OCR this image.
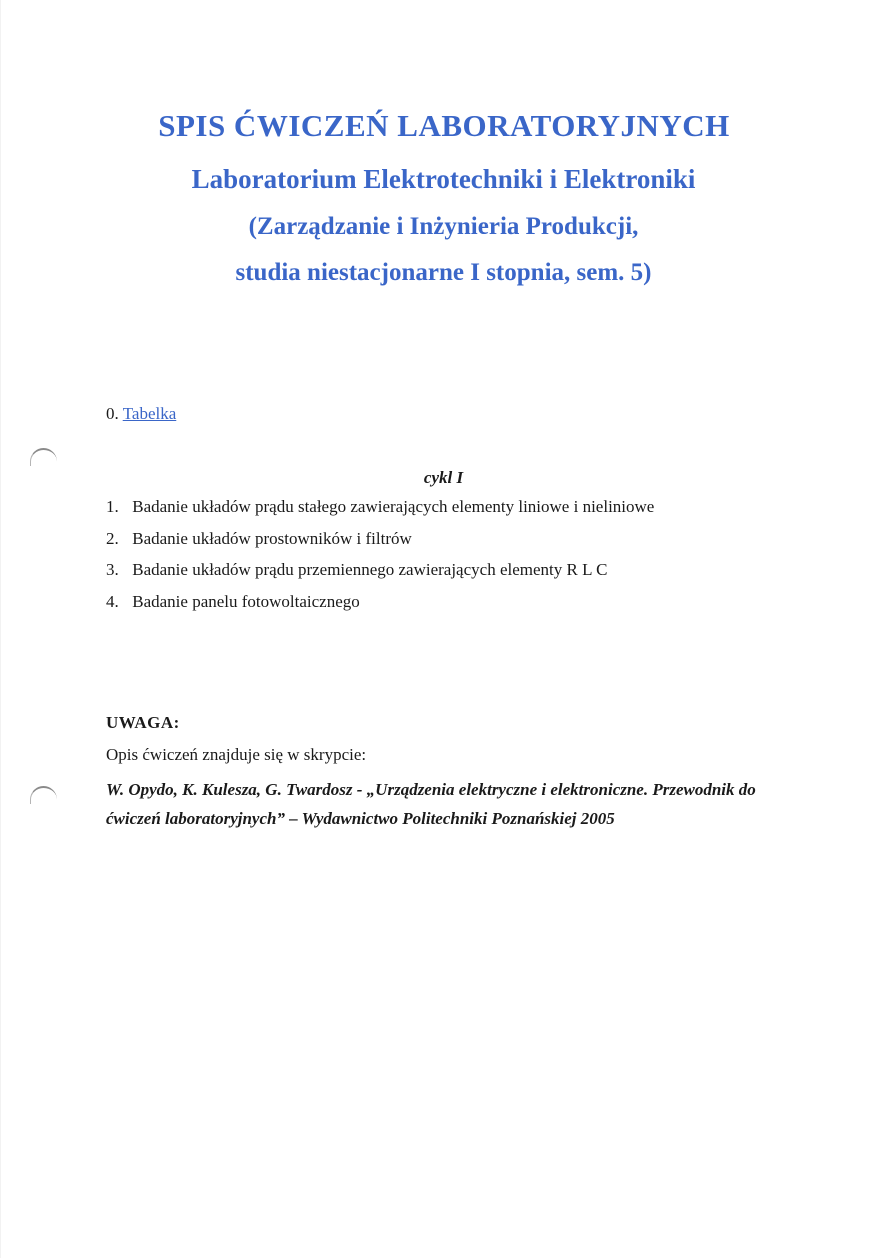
SPIS ĆWICZEŃ LABORATORYJNYCH
Laboratorium Elektrotechniki i Elektroniki
(Zarządzanie i Inżynieria Produkcji,
studia niestacjonarne I stopnia, sem. 5)
0. Tabelka
cykl I
1. Badanie układów prądu stałego zawierających elementy liniowe i nieliniowe
2. Badanie układów prostowników i filtrów
3. Badanie układów prądu przemiennego zawierających elementy R L C
4. Badanie panelu fotowoltaicznego
UWAGA:
Opis ćwiczeń znajduje się w skrypcie:
W. Opydo, K. Kulesza, G. Twardosz - „Urządzenia elektryczne i elektroniczne. Przewodnik do ćwiczeń laboratoryjnych” – Wydawnictwo Politechniki Poznańskiej 2005
